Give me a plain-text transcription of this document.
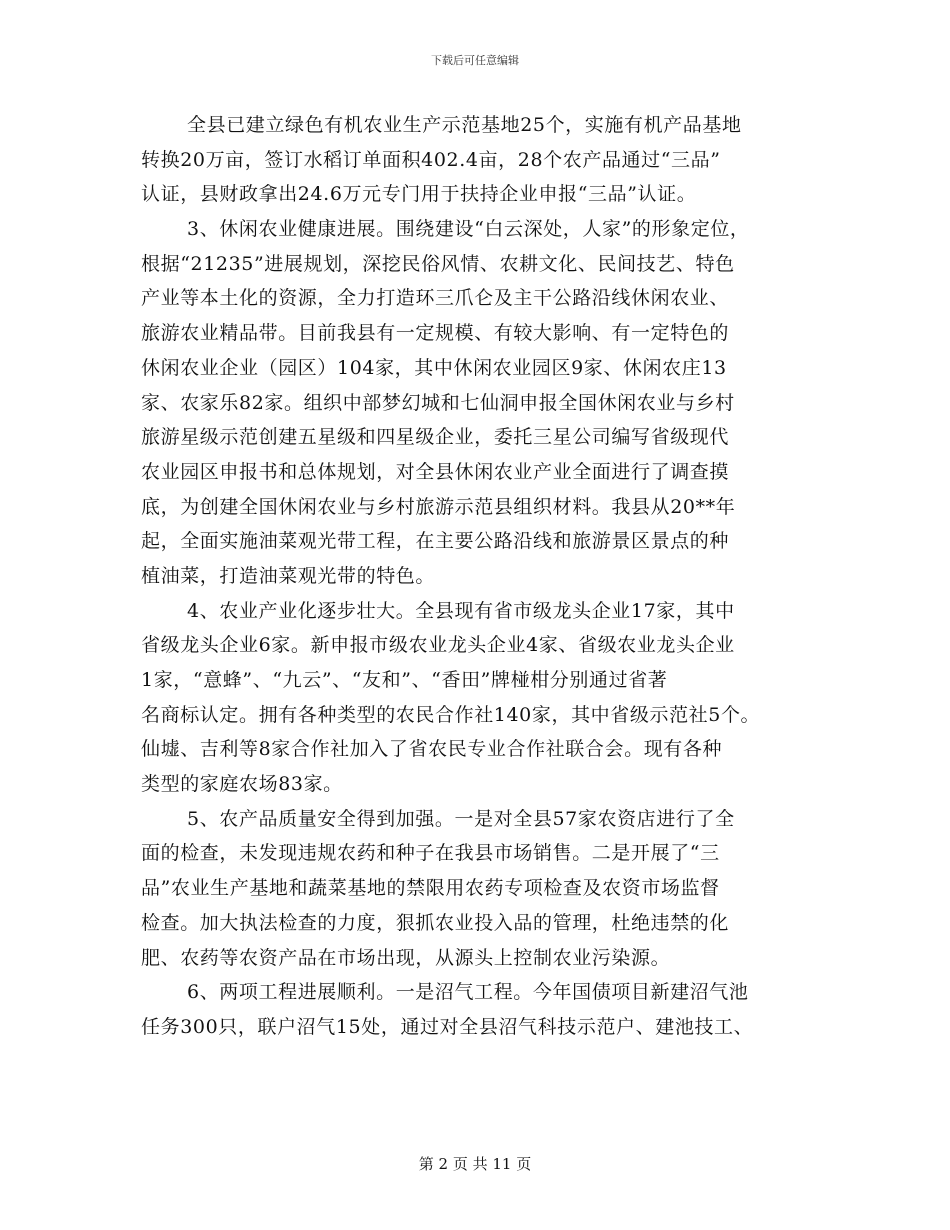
下载后可任意编辑
全县已建立绿色有机农业生产示范基地25个，实施有机产品基地
转换20万亩，签订水稻订单面积402.4亩，28个农产品通过“三品”
认证，县财政拿出24.6万元专门用于扶持企业申报“三品”认证。
3、休闲农业健康进展。围绕建设“白云深处，人家”的形象定位，
根据“21235”进展规划，深挖民俗风情、农耕文化、民间技艺、特色
产业等本土化的资源，全力打造环三爪仑及主干公路沿线休闲农业、
旅游农业精品带。目前我县有一定规模、有较大影响、有一定特色的
休闲农业企业（园区）104家，其中休闲农业园区9家、休闲农庄13
家、农家乐82家。组织中部梦幻城和七仙洞申报全国休闲农业与乡村
旅游星级示范创建五星级和四星级企业，委托三星公司编写省级现代
农业园区申报书和总体规划，对全县休闲农业产业全面进行了调查摸
底，为创建全国休闲农业与乡村旅游示范县组织材料。我县从20**年
起，全面实施油菜观光带工程，在主要公路沿线和旅游景区景点的种
植油菜，打造油菜观光带的特色。
4、农业产业化逐步壮大。全县现有省市级龙头企业17家，其中
省级龙头企业6家。新申报市级农业龙头企业4家、省级农业龙头企业
1家，“意蜂”、“九云”、“友和”、“香田”牌椪柑分别通过省著
名商标认定。拥有各种类型的农民合作社140家，其中省级示范社5个。
仙墟、吉利等8家合作社加入了省农民专业合作社联合会。现有各种
类型的家庭农场83家。
5、农产品质量安全得到加强。一是对全县57家农资店进行了全
面的检查，未发现违规农药和种子在我县市场销售。二是开展了“三
品”农业生产基地和蔬菜基地的禁限用农药专项检查及农资市场监督
检查。加大执法检查的力度，狠抓农业投入品的管理，杜绝违禁的化
肥、农药等农资产品在市场出现，从源头上控制农业污染源。
6、两项工程进展顺利。一是沼气工程。今年国债项目新建沼气池
任务300只，联户沼气15处，通过对全县沼气科技示范户、建池技工、
第 2 页 共 11 页
